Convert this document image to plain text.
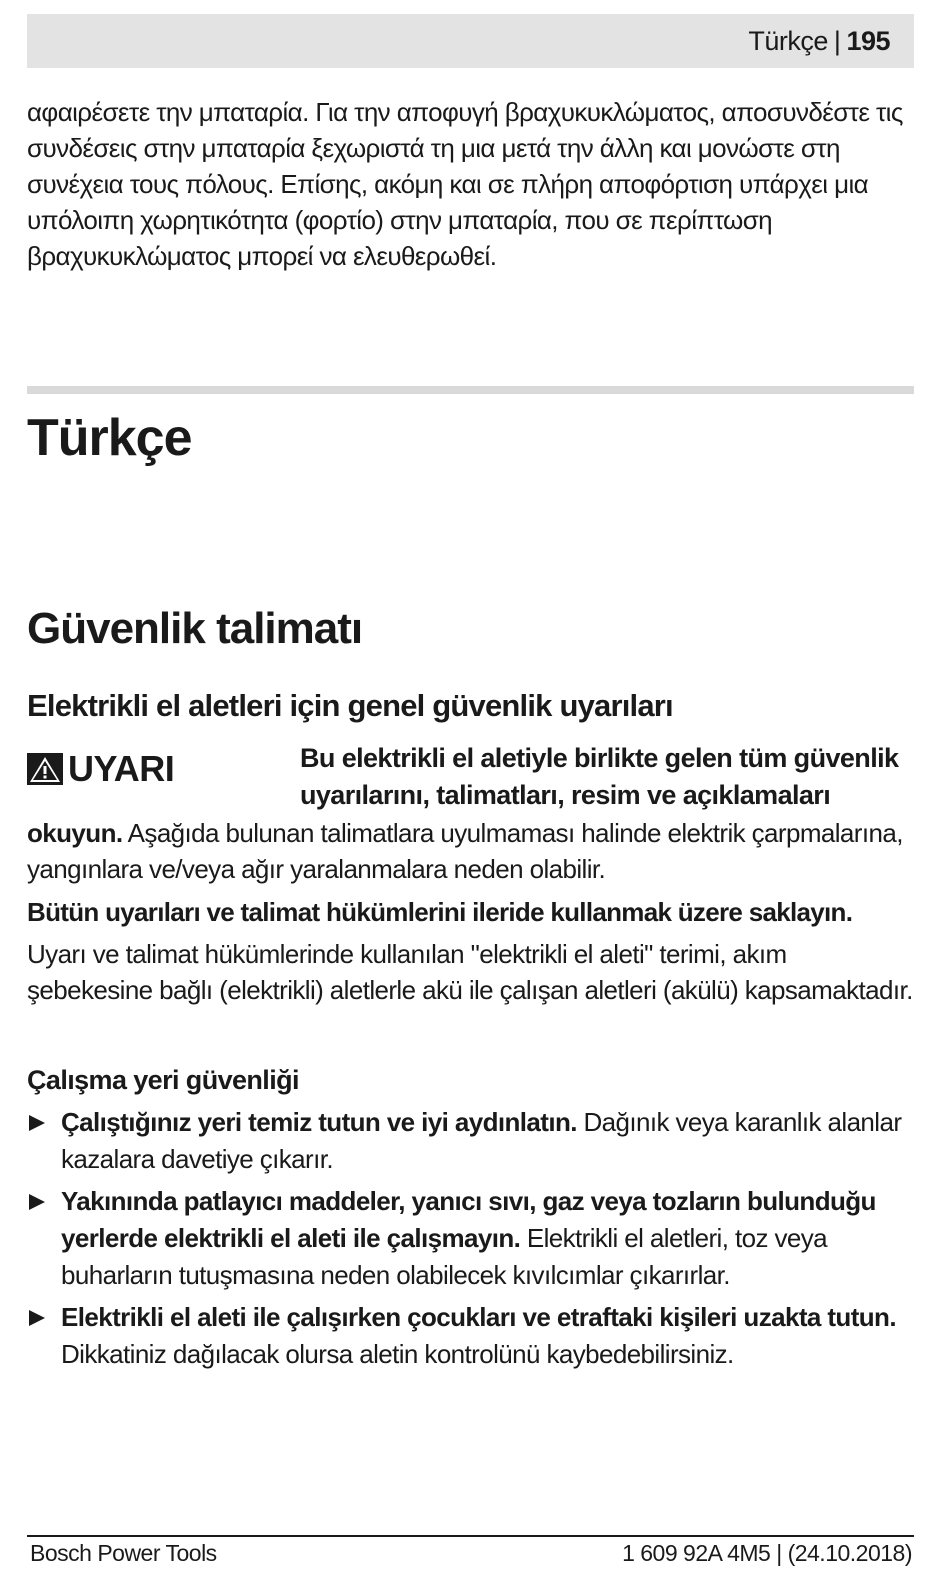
Türkçe | 195

αφαιρέσετε την μπαταρία. Για την αποφυγή βραχυκυκλώματος, αποσυνδέστε τις συνδέσεις στην μπαταρία ξεχωριστά τη μια μετά την άλλη και μονώστε στη συνέχεια τους πόλους. Επίσης, ακόμη και σε πλήρη αποφόρτιση υπάρχει μια υπόλοιπη χωρητικότητα (φορτίο) στην μπαταρία, που σε περίπτωση βραχυκυκλώματος μπορεί να ελευθερωθεί.

Türkçe
Güvenlik talimatı
Elektrikli el aletleri için genel güvenlik uyarıları
UYARI	Bu elektrikli el aletiyle birlikte gelen tüm güvenlik uyarılarını, talimatları, resim ve açıklamaları

okuyun. Aşağıda bulunan talimatlara uyulmaması halinde elektrik çarpmalarına, yangınlara ve/veya ağır yaralanmalara neden olabilir.

Bütün uyarıları ve talimat hükümlerini ileride kullanmak üzere saklayın.

Uyarı ve talimat hükümlerinde kullanılan "elektrikli el aleti" terimi, akım şebekesine bağlı (elektrikli) aletlerle akü ile çalışan aletleri (akülü) kapsamaktadır.

Çalışma yeri güvenliği
Çalıştığınız yeri temiz tutun ve iyi aydınlatın. Dağınık veya karanlık alanlar kazalara davetiye çıkarır.
Yakınında patlayıcı maddeler, yanıcı sıvı, gaz veya tozların bulunduğu yerlerde elektrikli el aleti ile çalışmayın. Elektrikli el aletleri, toz veya buharların tutuşmasına neden olabilecek kıvılcımlar çıkarırlar.
Elektrikli el aleti ile çalışırken çocukları ve etraftaki kişileri uzakta tutun. Dikkatiniz dağılacak olursa aletin kontrolünü kaybedebilirsiniz.
Bosch Power Tools	1 609 92A 4M5 | (24.10.2018)
